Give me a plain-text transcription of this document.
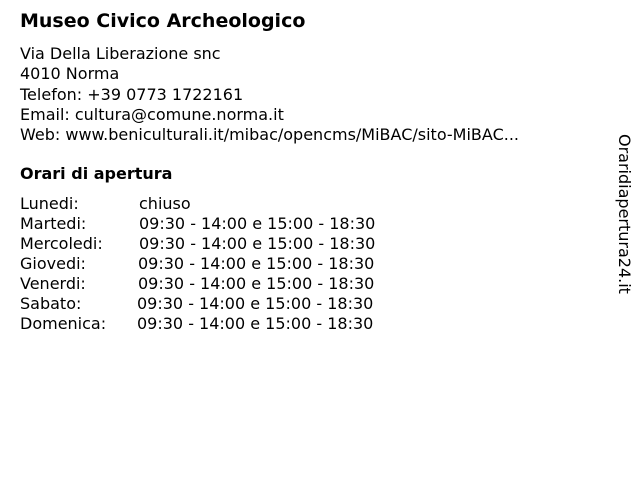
Museo Civico Archeologico
Via Della Liberazione snc
4010 Norma
Telefon: +39 0773 1722161
Email: cultura@comune.norma.it
Web: www.beniculturali.it/mibac/opencms/MiBAC/sito-MiBAC...
Orari di apertura
Lunedi:	chiuso
Martedi:	09:30 - 14:00 e 15:00 - 18:30
Mercoledi: 09:30 - 14:00 e 15:00 - 18:30
Giovedi:	09:30 - 14:00 e 15:00 - 18:30
Venerdi:	09:30 - 14:00 e 15:00 - 18:30
Sabato:	09:30 - 14:00 e 15:00 - 18:30
Domenica: 09:30 - 14:00 e 15:00 - 18:30
Oraridiapertura24.it
